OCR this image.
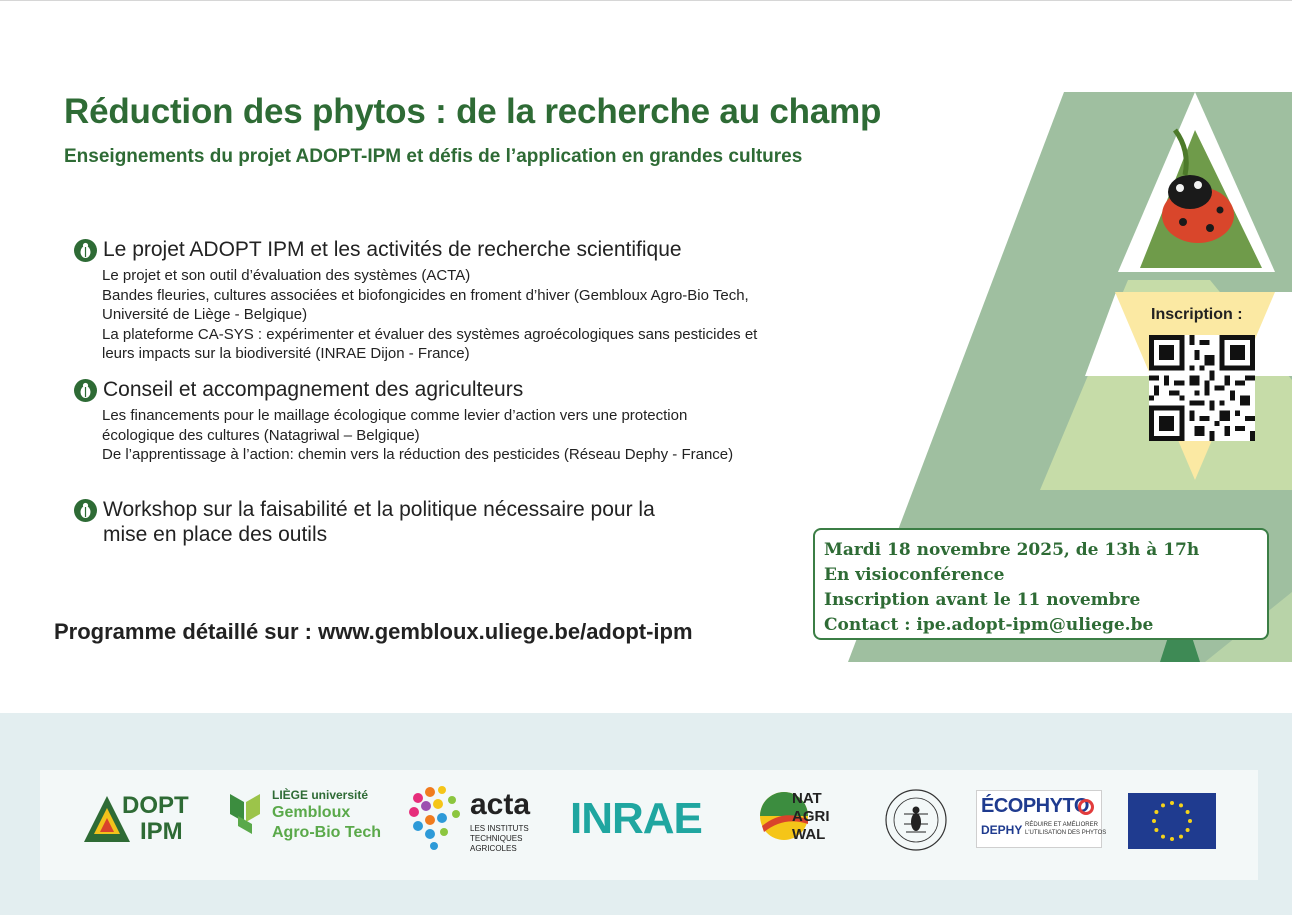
Réduction des phytos : de la recherche au champ
Enseignements du projet ADOPT-IPM et défis de l’application en grandes cultures
Le projet ADOPT IPM et les activités de recherche scientifique
Le projet et son outil d’évaluation des systèmes (ACTA)
Bandes fleuries, cultures associées et biofongicides en froment d’hiver (Gembloux Agro-Bio Tech,
Université de Liège - Belgique)
La plateforme CA-SYS : expérimenter et évaluer des systèmes agroécologiques sans pesticides et
leurs impacts sur la biodiversité (INRAE Dijon - France)
Conseil et accompagnement des agriculteurs
Les financements pour le maillage écologique comme levier d’action vers une protection
écologique des cultures (Natagriwal – Belgique)
De l’apprentissage à l’action: chemin vers la réduction des pesticides (Réseau Dephy - France)
Workshop sur la faisabilité et la politique nécessaire pour la
mise en place des outils
Programme détaillé sur : www.gembloux.uliege.be/adopt-ipm
Inscription :
Mardi 18 novembre 2025, de 13h à 17h
En visioconférence
Inscription avant le 11 novembre
Contact : ipe.adopt-ipm@uliege.be
DOPT
IPM
LIÈGE université
Gembloux
Agro-Bio Tech
acta
LES INSTITUTS
TECHNIQUES
AGRICOLES
INRAE	NAT
AGRI
WAL
ÉCOPHYTO
DEPHY RÉDUIRE ET AMÉLIORER
L'UTILISATION DES PHYTOS
